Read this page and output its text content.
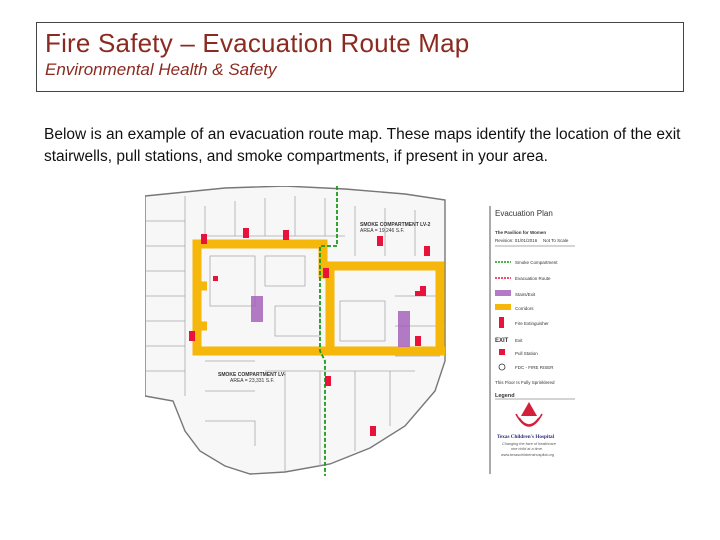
Fire Safety – Evacuation Route Map
Environmental Health & Safety
Below is an example of an evacuation route map. These maps identify the location of the exit stairwells, pull stations, and smoke compartments, if present in your area.
SMOKE COMPARTMENT LV-2
AREA = 19,246 S.F.
SMOKE COMPARTMENT LV-
AREA = 23,331 S.F.
Evacuation Plan
The Pavilion for Women
Revision: 01/01/2016 Not To Scale
Smoke Compartment
Evacuation Route
Stairs/Exit
Corridors
Fire Extinguisher
EXIT Exit
Pull Station
FDC - FIRE RISER
This Floor Is Fully Sprinklered
Legend
Texas Children's Hospital
Changing the face of healthcare
one child at a time.
www.texaschildrenshospital.org
